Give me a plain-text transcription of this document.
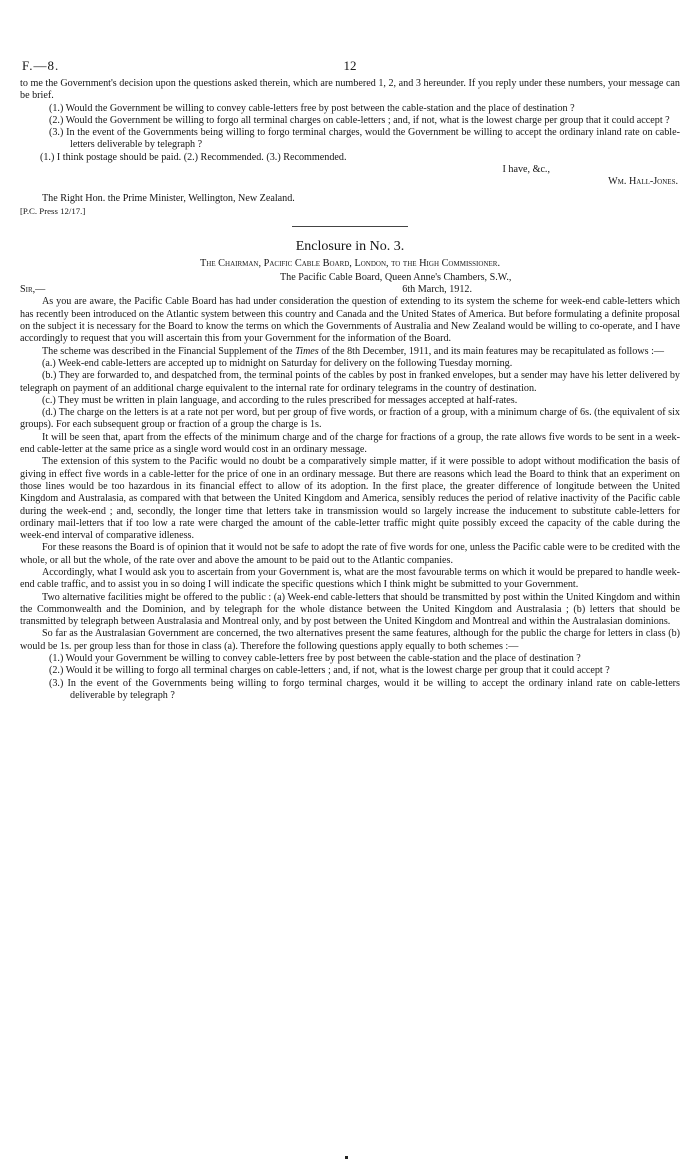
F.—8.	12

to me the Government's decision upon the questions asked therein, which are numbered 1, 2, and 3 hereunder. If you reply under these numbers, your message can be brief.

(1.) Would the Government be willing to convey cable-letters free by post between the cable-station and the place of destination ?

(2.) Would the Government be willing to forgo all terminal charges on cable-letters ; and, if not, what is the lowest charge per group that it could accept ?

(3.) In the event of the Governments being willing to forgo terminal charges, would the Government be willing to accept the ordinary inland rate on cable-letters deliverable by telegraph ?

(1.) I think postage should be paid. (2.) Recommended. (3.) Recommended.

I have, &c.,

Wm. Hall-Jones.

The Right Hon. the Prime Minister, Wellington, New Zealand.

[P.C. Press 12/17.]

Enclosure in No. 3.

The Chairman, Pacific Cable Board, London, to the High Commissioner.

The Pacific Cable Board, Queen Anne's Chambers, S.W.,

Sir,—	6th March, 1912.

As you are aware, the Pacific Cable Board has had under consideration the question of extending to its system the scheme for week-end cable-letters which has recently been introduced on the Atlantic system between this country and Canada and the United States of America. But before formulating a definite proposal on the subject it is necessary for the Board to know the terms on which the Governments of Australia and New Zealand would be willing to co-operate, and I have accordingly to request that you will ascertain this from your Government for the information of the Board.

The scheme was described in the Financial Supplement of the Times of the 8th December, 1911, and its main features may be recapitulated as follows :—

(a.) Week-end cable-letters are accepted up to midnight on Saturday for delivery on the following Tuesday morning.

(b.) They are forwarded to, and despatched from, the terminal points of the cables by post in franked envelopes, but a sender may have his letter delivered by telegraph on payment of an additional charge equivalent to the internal rate for ordinary telegrams in the country of destination.

(c.) They must be written in plain language, and according to the rules prescribed for messages accepted at half-rates.

(d.) The charge on the letters is at a rate not per word, but per group of five words, or fraction of a group, with a minimum charge of 6s. (the equivalent of six groups). For each subsequent group or fraction of a group the charge is 1s.

It will be seen that, apart from the effects of the minimum charge and of the charge for fractions of a group, the rate allows five words to be sent in a week-end cable-letter at the same price as a single word would cost in an ordinary message.

The extension of this system to the Pacific would no doubt be a comparatively simple matter, if it were possible to adopt without modification the basis of giving in effect five words in a cable-letter for the price of one in an ordinary message. But there are reasons which lead the Board to think that an experiment on those lines would be too hazardous in its financial effect to allow of its adoption. In the first place, the greater difference of longitude between the United Kingdom and Australasia, as compared with that between the United Kingdom and America, sensibly reduces the period of relative inactivity of the Pacific cable during the week-end ; and, secondly, the longer time that letters take in transmission would so largely increase the inducement to substitute cable-letters for ordinary mail-letters that if too low a rate were charged the amount of the cable-letter traffic might quite possibly exceed the capacity of the cable during the week-end interval of comparative idleness.

For these reasons the Board is of opinion that it would not be safe to adopt the rate of five words for one, unless the Pacific cable were to be credited with the whole, or all but the whole, of the rate over and above the amount to be paid out to the Atlantic companies.

Accordingly, what I would ask you to ascertain from your Government is, what are the most favourable terms on which it would be prepared to handle week-end cable traffic, and to assist you in so doing I will indicate the specific questions which I think might be submitted to your Government.

Two alternative facilities might be offered to the public : (a) Week-end cable-letters that should be transmitted by post within the United Kingdom and within the Commonwealth and the Dominion, and by telegraph for the whole distance between the United Kingdom and Australasia ; (b) letters that should be transmitted by telegraph between Australasia and Montreal only, and by post between the United Kingdom and Montreal and within the Australasian dominions.

So far as the Australasian Government are concerned, the two alternatives present the same features, although for the public the charge for letters in class (b) would be 1s. per group less than for those in class (a). Therefore the following questions apply equally to both schemes :—

(1.) Would your Government be willing to convey cable-letters free by post between the cable-station and the place of destination ?

(2.) Would it be willing to forgo all terminal charges on cable-letters ; and, if not, what is the lowest charge per group that it could accept ?

(3.) In the event of the Governments being willing to forgo terminal charges, would it be willing to accept the ordinary inland rate on cable-letters deliverable by telegraph ?
